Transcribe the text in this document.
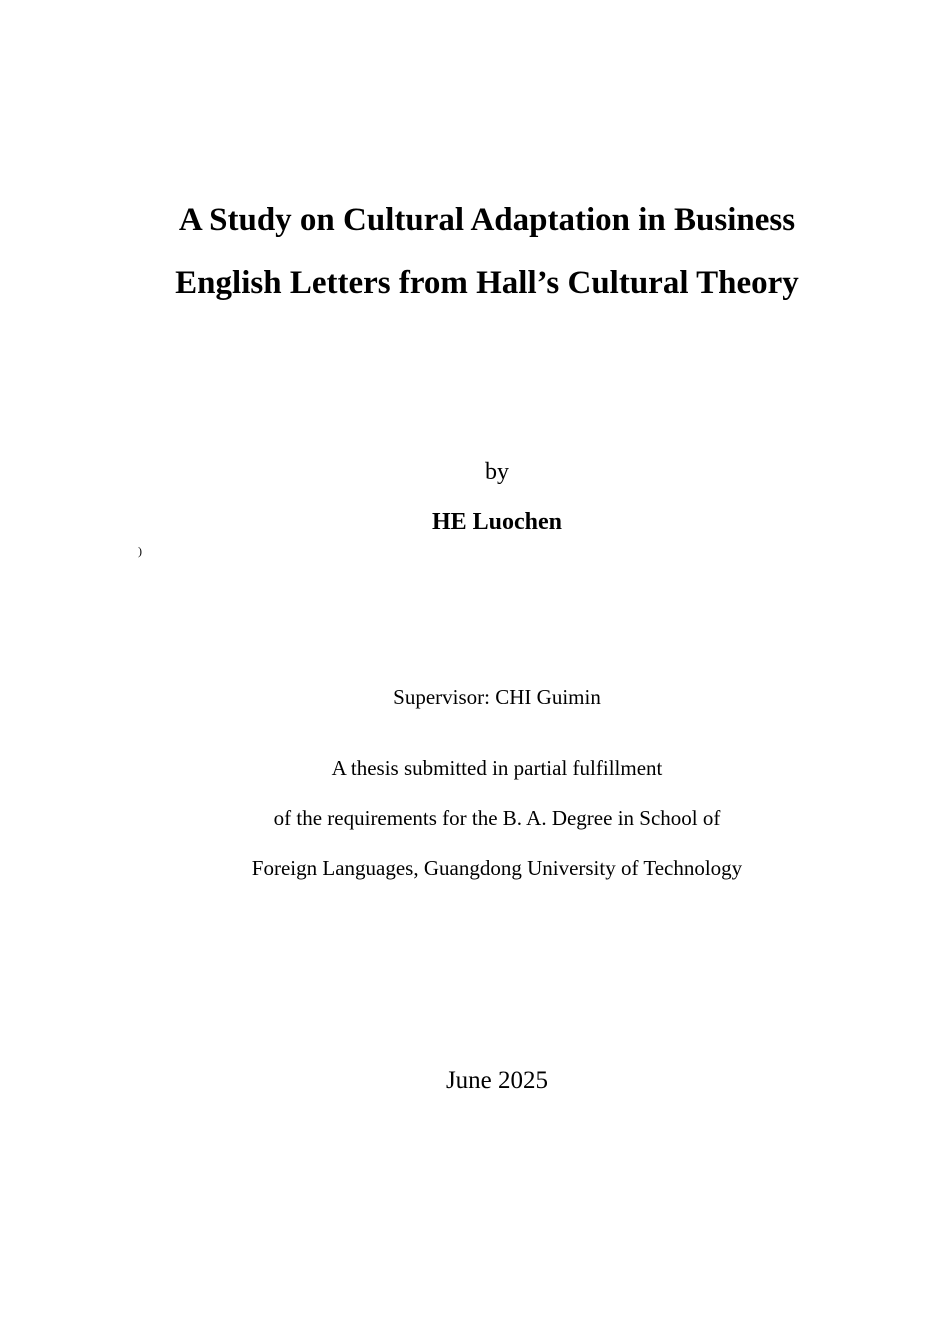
A Study on Cultural Adaptation in Business
English Letters from Hall’s Cultural Theory
by
HE Luochen
)
Supervisor: CHI Guimin
A thesis submitted in partial fulfillment
of the requirements for the B. A. Degree in School of
Foreign Languages, Guangdong University of Technology
June 2025
